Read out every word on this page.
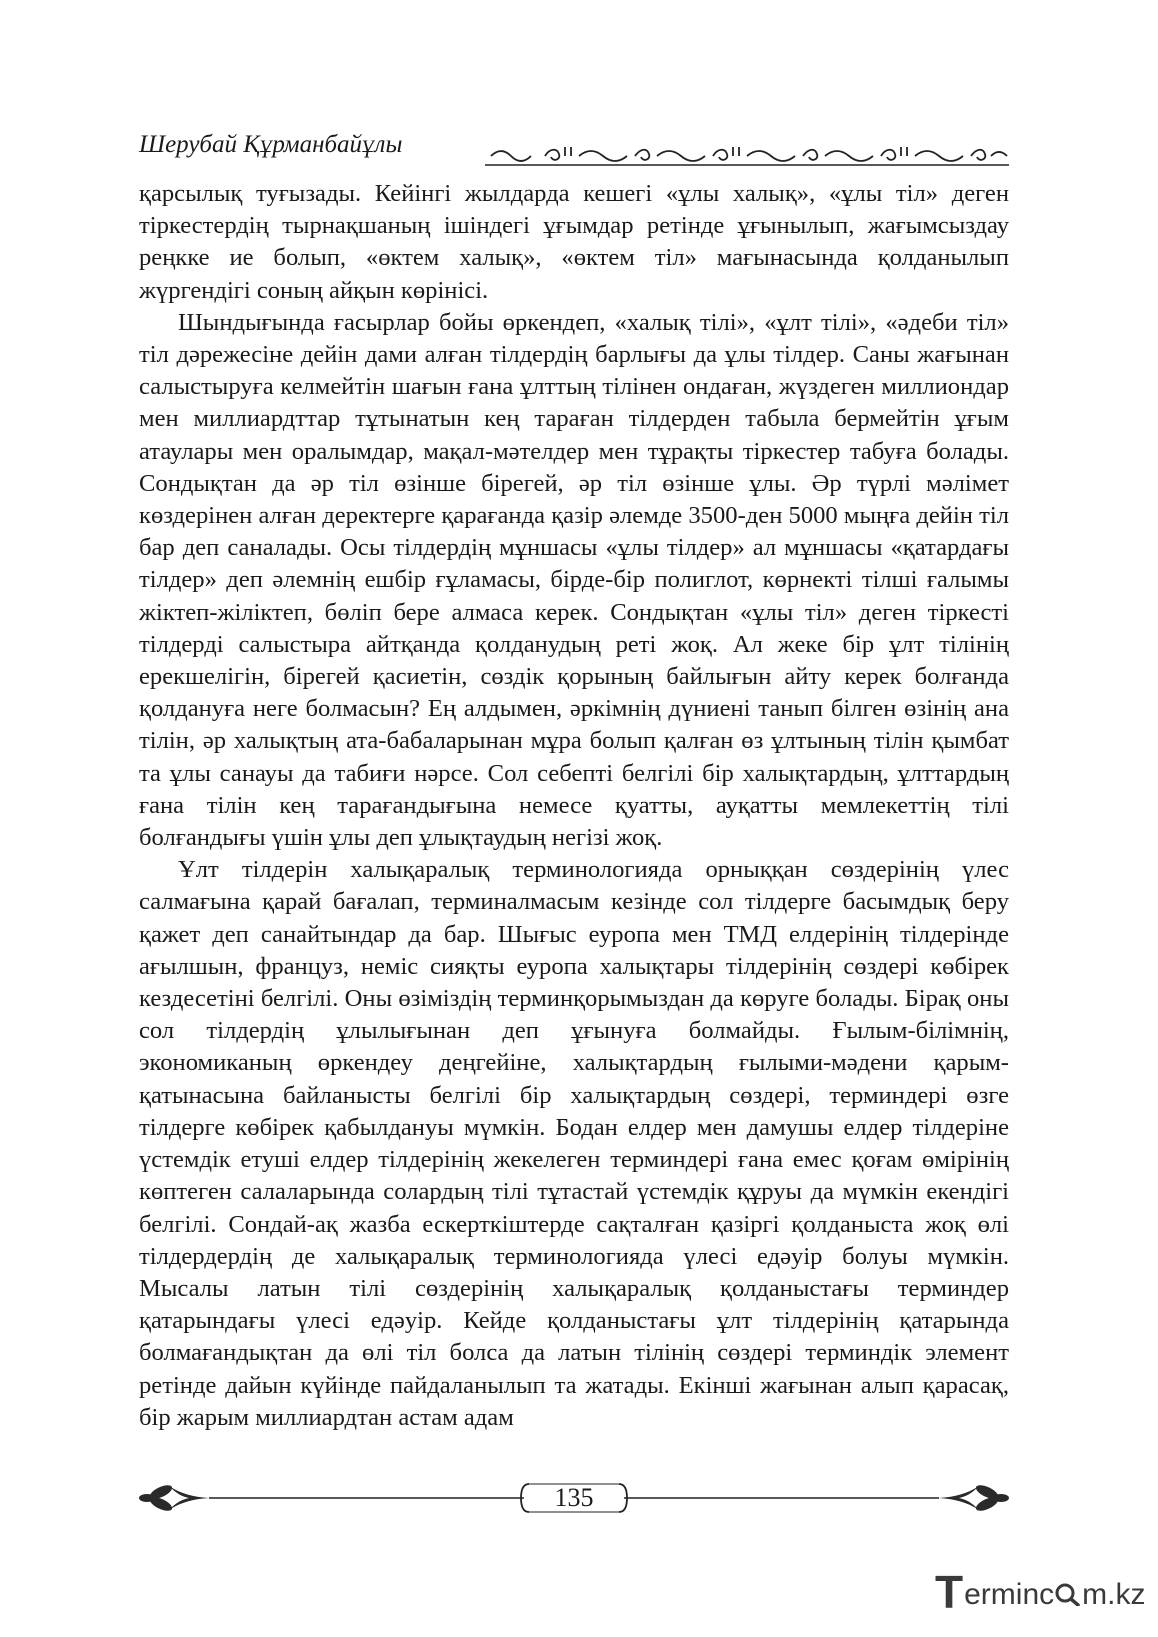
Шерубай Құрманбайұлы

қарсылық туғызады. Кейінгі жылдарда кешегі «ұлы халық», «ұлы тіл» деген тіркестердің тырнақшаның ішіндегі ұғымдар ретінде ұғынылып, жағымсыздау реңкке ие болып, «өктем халық», «өктем тіл» мағынасында қолданылып жүргендігі соның айқын көрінісі.

Шындығында ғасырлар бойы өркендеп, «халық тілі», «ұлт тілі», «әдеби тіл» тіл дәрежесіне дейін дами алған тілдердің барлығы да ұлы тілдер. Саны жағынан салыстыруға келмейтін шағын ғана ұлттың тілінен ондаған, жүздеген миллиондар мен миллиардттар тұтынатын кең тараған тілдерден табыла бермейтін ұғым атаулары мен оралымдар, мақал-мәтелдер мен тұрақты тіркестер табуға болады. Сондықтан да әр тіл өзінше бірегей, әр тіл өзінше ұлы. Әр түрлі мәлімет көздерінен алған деректерге қарағанда қазір әлемде 3500-ден 5000 мыңға дейін тіл бар деп саналады. Осы тілдердің мұншасы «ұлы тілдер» ал мұншасы «қатардағы тілдер» деп әлемнің ешбір ғұламасы, бірде-бір полиглот, көрнекті тілші ғалымы жіктеп-жіліктеп, бөліп бере алмаса керек. Сондықтан «ұлы тіл» деген тіркесті тілдерді салыстыра айтқанда қолданудың реті жоқ. Ал жеке бір ұлт тілінің ерекшелігін, бірегей қасиетін, сөздік қорының байлығын айту керек болғанда қолдануға неге болмасын? Ең алдымен, әркімнің дүниені танып білген өзінің ана тілін, әр халықтың ата-бабаларынан мұра болып қалған өз ұлтының тілін қымбат та ұлы санауы да табиғи нәрсе. Сол себепті белгілі бір халықтардың, ұлттардың ғана тілін кең тарағандығына немесе қуатты, ауқатты мемлекеттің тілі болғандығы үшін ұлы деп ұлықтаудың негізі жоқ.

Ұлт тілдерін халықаралық терминологияда орныққан сөздерінің үлес салмағына қарай бағалап, терминалмасым кезінде сол тілдерге басымдық беру қажет деп санайтындар да бар. Шығыс еуропа мен ТМД елдерінің тілдерінде ағылшын, француз, неміс сияқты еуропа халықтары тілдерінің сөздері көбірек кездесетіні белгілі. Оны өзіміздің терминқорымыздан да көруге болады. Бірақ оны сол тілдердің ұлылығынан деп ұғынуға болмайды. Ғылым-білімнің, экономиканың өркендеу деңгейіне, халықтардың ғылыми-мәдени қарым-қатынасына байланысты белгілі бір халықтардың сөздері, терминдері өзге тілдерге көбірек қабылдануы мүмкін. Бодан елдер мен дамушы елдер тілдеріне үстемдік етуші елдер тілдерінің жекелеген терминдері ғана емес қоғам өмірінің көптеген салаларында солардың тілі тұтастай үстемдік құруы да мүмкін екендігі белгілі. Сондай-ақ жазба ескерткіштерде сақталған қазіргі қолданыста жоқ өлі тілдердердің де халықаралық терминологияда үлесі едәуір болуы мүмкін. Мысалы латын тілі сөздерінің халықаралық қолданыстағы терминдер қатарындағы үлесі едәуір. Кейде қолданыстағы ұлт тілдерінің қатарында болмағандықтан да өлі тіл болса да латын тілінің сөздері терминдік элемент ретінде дайын күйінде пайдаланылып та жатады. Екінші жағынан алып қарасақ, бір жарым миллиардтан астам адам

135
Terminc m.kz
